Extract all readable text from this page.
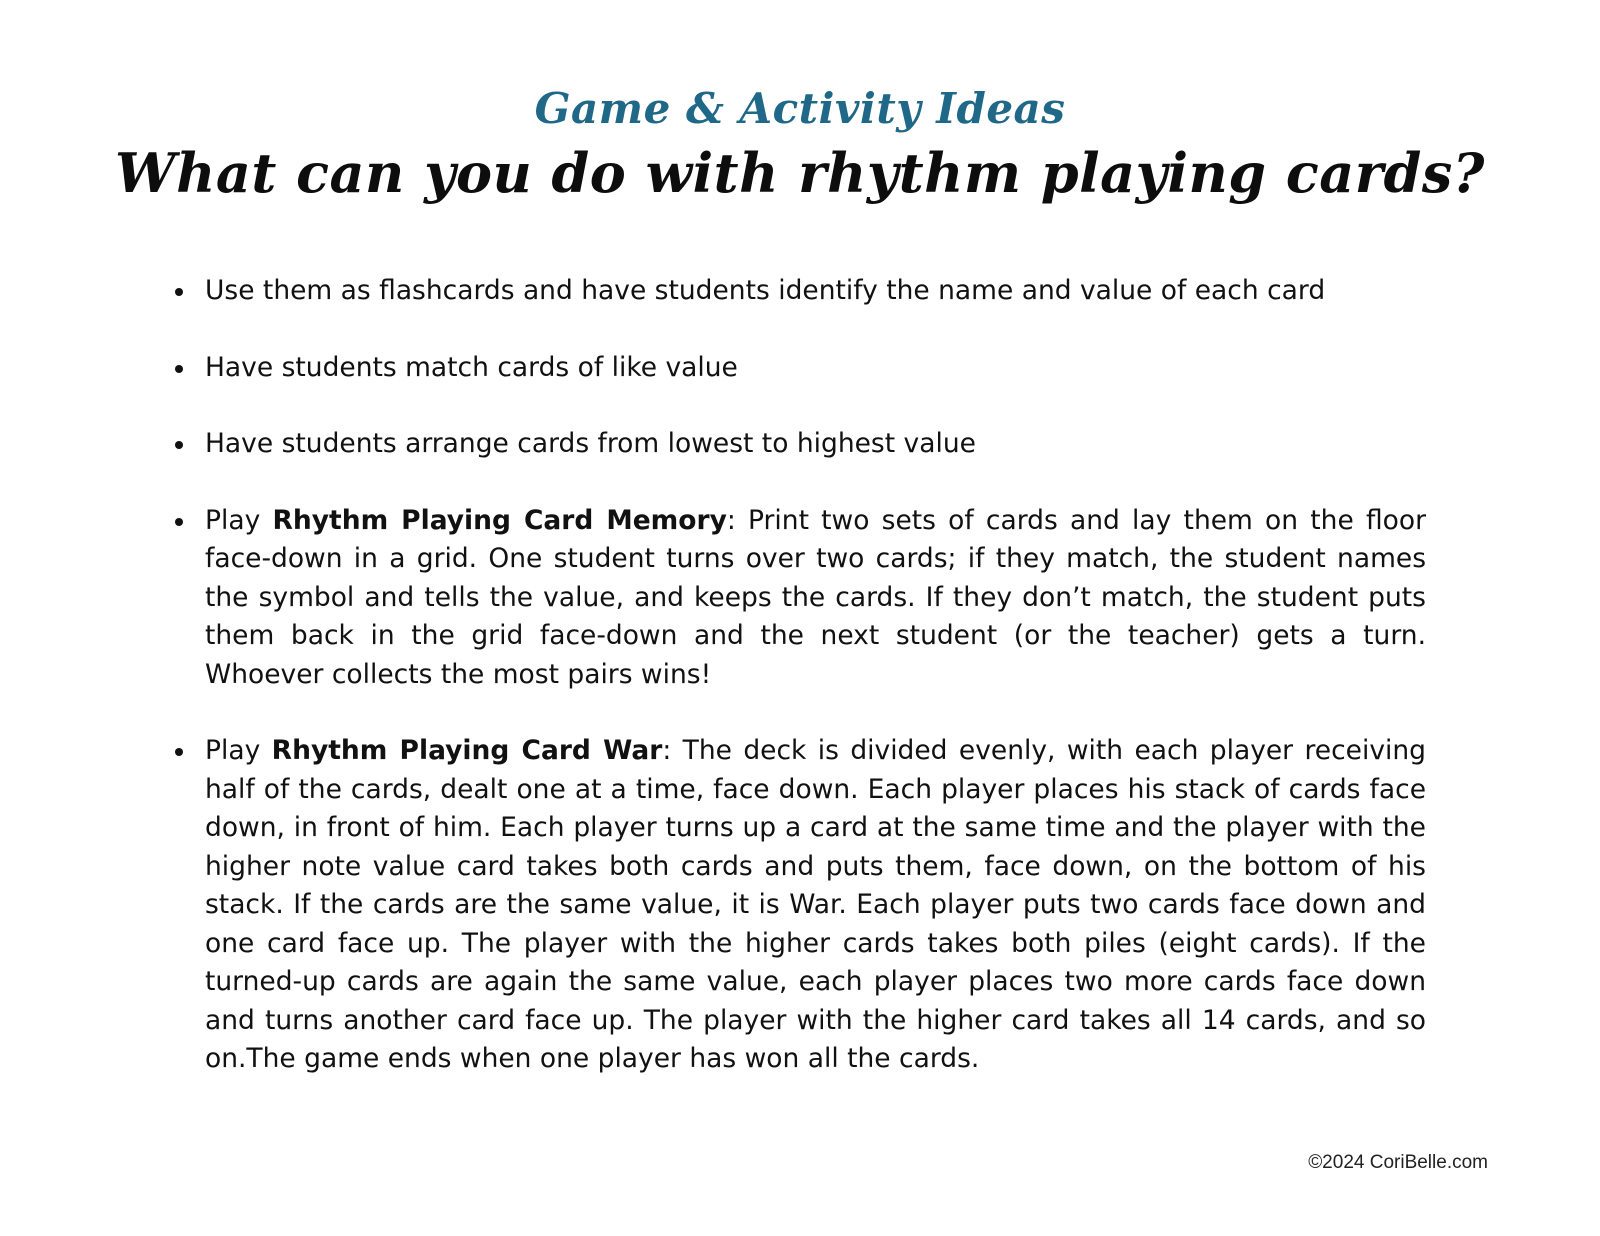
Game & Activity Ideas
What can you do with rhythm playing cards?
Use them as flashcards and have students identify the name and value of each card
Have students match cards of like value
Have students arrange cards from lowest to highest value
Play Rhythm Playing Card Memory: Print two sets of cards and lay them on the floor face-down in a grid. One student turns over two cards; if they match, the student names the symbol and tells the value, and keeps the cards. If they don’t match, the student puts them back in the grid face-down and the next student (or the teacher) gets a turn. Whoever collects the most pairs wins!
Play Rhythm Playing Card War: The deck is divided evenly, with each player receiving half of the cards, dealt one at a time, face down. Each player places his stack of cards face down, in front of him. Each player turns up a card at the same time and the player with the higher note value card takes both cards and puts them, face down, on the bottom of his stack. If the cards are the same value, it is War. Each player puts two cards face down and one card face up. The player with the higher cards takes both piles (eight cards). If the turned-up cards are again the same value, each player places two more cards face down and turns another card face up. The player with the higher card takes all 14 cards, and so on.The game ends when one player has won all the cards.
©2024 CoriBelle.com
